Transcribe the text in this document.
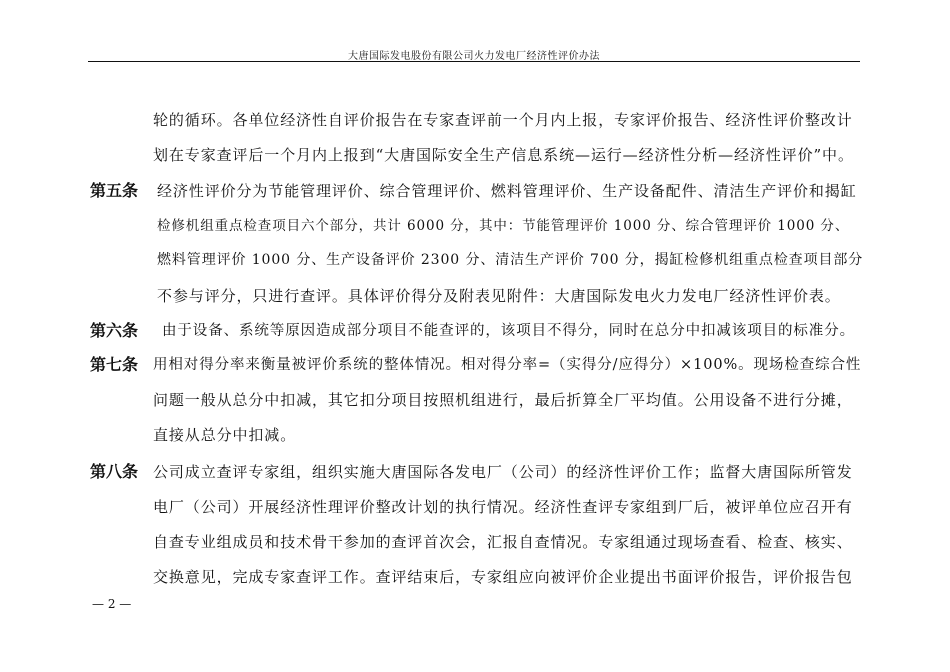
大唐国际发电股份有限公司火力发电厂经济性评价办法
轮的循环。各单位经济性自评价报告在专家查评前一个月内上报，专家评价报告、经济性评价整改计
划在专家查评后一个月内上报到“大唐国际安全生产信息系统—运行—经济性分析—经济性评价”中。
第五条 经济性评价分为节能管理评价、综合管理评价、燃料管理评价、生产设备配件、清洁生产评价和揭缸
检修机组重点检查项目六个部分，共计 6000 分，其中：节能管理评价 1000 分、综合管理评价 1000 分、
燃料管理评价 1000 分、生产设备评价 2300 分、清洁生产评价 700 分，揭缸检修机组重点检查项目部分
不参与评分，只进行查评。具体评价得分及附表见附件：大唐国际发电火力发电厂经济性评价表。
第六条 由于设备、系统等原因造成部分项目不能查评的，该项目不得分，同时在总分中扣减该项目的标准分。
第七条 用相对得分率来衡量被评价系统的整体情况。相对得分率=（实得分/应得分）×100%。现场检查综合性
问题一般从总分中扣减，其它扣分项目按照机组进行，最后折算全厂平均值。公用设备不进行分摊，
直接从总分中扣减。
第八条 公司成立查评专家组，组织实施大唐国际各发电厂（公司）的经济性评价工作；监督大唐国际所管发
电厂（公司）开展经济性理评价整改计划的执行情况。经济性查评专家组到厂后，被评单位应召开有
自查专业组成员和技术骨干参加的查评首次会，汇报自查情况。专家组通过现场查看、检查、核实、
交换意见，完成专家查评工作。查评结束后，专家组应向被评价企业提出书面评价报告，评价报告包
— 2 —
